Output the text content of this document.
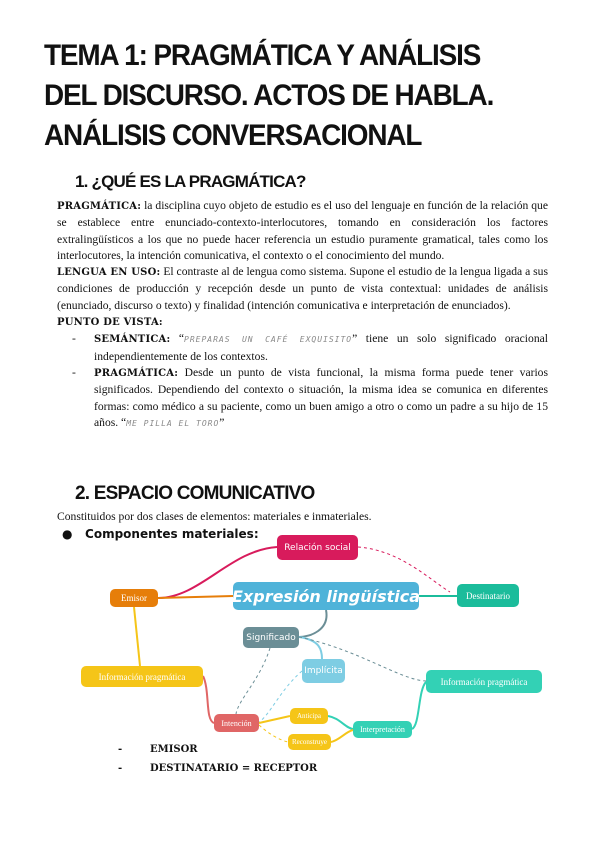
TEMA 1: PRAGMÁTICA Y ANÁLISIS
DEL DISCURSO. ACTOS DE HABLA.
ANÁLISIS CONVERSACIONAL
1. ¿QUÉ ES LA PRAGMÁTICA?

PRAGMÁTICA: la disciplina cuyo objeto de estudio es el uso del lenguaje en función de la relación que se establece entre enunciado-contexto-interlocutores, tomando en consideración los factores extralingüísticos a los que no puede hacer referencia un estudio puramente gramatical, tales como los interlocutores, la intención comunicativa, el contexto o el conocimiento del mundo.

LENGUA EN USO: El contraste al de lengua como sistema. Supone el estudio de la lengua ligada a sus condiciones de producción y recepción desde un punto de vista contextual: unidades de análisis (enunciado, discurso o texto) y finalidad (intención comunicativa e interpretación de enunciados).

PUNTO DE VISTA:

-	SEMÁNTICA: “PREPARAS UN CAFÉ EXQUISITO” tiene un solo significado oracional independientemente de los contextos.
-	PRAGMÁTICA: Desde un punto de vista funcional, la misma forma puede tener varios significados. Dependiendo del contexto o situación, la misma idea se comunica en diferentes formas: como médico a su paciente, como un buen amigo a otro o como un padre a su hijo de 15 años. “ME PILLA EL TORO”
2. ESPACIO COMUNICATIVO
Constituidos por dos clases de elementos: materiales e inmateriales.
●   Componentes materiales:
Relación social
Emisor	Expresión lingüística	Destinatario
Significado
Implícita
Información pragmática	Información pragmática
Intención
Anticipa
Reconstruye
Interpretación
-	EMISOR
-	DESTINATARIO = RECEPTOR
